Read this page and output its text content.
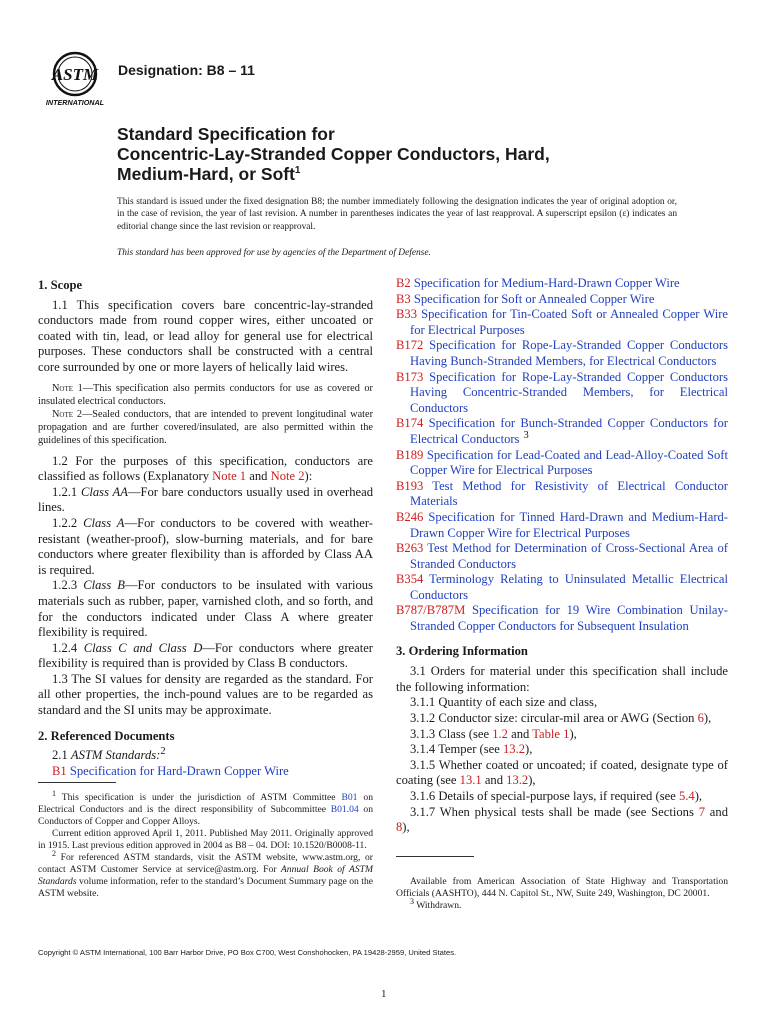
ASTM
INTERNATIONAL
Designation: B8 – 11
Standard Specification for
Concentric-Lay-Stranded Copper Conductors, Hard,
Medium-Hard, or Soft$^1$
This standard is issued under the fixed designation B8; the number immediately following the designation indicates the year of original adoption or, in the case of revision, the year of last revision. A number in parentheses indicates the year of last reapproval. A superscript epsilon (ε) indicates an editorial change since the last revision or reapproval.
This standard has been approved for use by agencies of the Department of Defense.
1. Scope

1.1 This specification covers bare concentric-lay-stranded conductors made from round copper wires, either uncoated or coated with tin, lead, or lead alloy for general use for electrical purposes. These conductors shall be constructed with a central core surrounded by one or more layers of helically laid wires.

Note 1—This specification also permits conductors for use as covered or insulated electrical conductors.

Note 2—Sealed conductors, that are intended to prevent longitudinal water propagation and are further covered/insulated, are also permitted within the guidelines of this specification.

1.2 For the purposes of this specification, conductors are classified as follows (Explanatory Note 1 and Note 2):

1.2.1 Class AA—For bare conductors usually used in overhead lines.

1.2.2 Class A—For conductors to be covered with weather-resistant (weather-proof), slow-burning materials, and for bare conductors where greater flexibility than is afforded by Class AA is required.

1.2.3 Class B—For conductors to be insulated with various materials such as rubber, paper, varnished cloth, and so forth, and for the conductors indicated under Class A where greater flexibility is required.

1.2.4 Class C and Class D—For conductors where greater flexibility is required than is provided by Class B conductors.

1.3 The SI values for density are regarded as the standard. For all other properties, the inch-pound values are to be regarded as standard and the SI units may be approximate.

2. Referenced Documents

2.1 ASTM Standards:$^2$

B1 Specification for Hard-Drawn Copper Wire

$^1$ This specification is under the jurisdiction of ASTM Committee B01 on Electrical Conductors and is the direct responsibility of Subcommittee B01.04 on Conductors of Copper and Copper Alloys.

Current edition approved April 1, 2011. Published May 2011. Originally approved in 1915. Last previous edition approved in 2004 as B8 – 04. DOI: 10.1520/B0008-11.

$^2$ For referenced ASTM standards, visit the ASTM website, www.astm.org, or contact ASTM Customer Service at service@astm.org. For Annual Book of ASTM Standards volume information, refer to the standard’s Document Summary page on the ASTM website.

B2 Specification for Medium-Hard-Drawn Copper Wire

B3 Specification for Soft or Annealed Copper Wire

B33 Specification for Tin-Coated Soft or Annealed Copper Wire for Electrical Purposes

B172 Specification for Rope-Lay-Stranded Copper Conductors Having Bunch-Stranded Members, for Electrical Conductors

B173 Specification for Rope-Lay-Stranded Copper Conductors Having Concentric-Stranded Members, for Electrical Conductors

B174 Specification for Bunch-Stranded Copper Conductors for Electrical Conductors $^3$

B189 Specification for Lead-Coated and Lead-Alloy-Coated Soft Copper Wire for Electrical Purposes

B193 Test Method for Resistivity of Electrical Conductor Materials

B246 Specification for Tinned Hard-Drawn and Medium-Hard-Drawn Copper Wire for Electrical Purposes

B263 Test Method for Determination of Cross-Sectional Area of Stranded Conductors

B354 Terminology Relating to Uninsulated Metallic Electrical Conductors

B787/B787M Specification for 19 Wire Combination Unilay-Stranded Copper Conductors for Subsequent Insulation

3. Ordering Information

3.1 Orders for material under this specification shall include the following information:

3.1.1 Quantity of each size and class,

3.1.2 Conductor size: circular-mil area or AWG (Section 6),

3.1.3 Class (see 1.2 and Table 1),

3.1.4 Temper (see 13.2),

3.1.5 Whether coated or uncoated; if coated, designate type of coating (see 13.1 and 13.2),

3.1.6 Details of special-purpose lays, if required (see 5.4),

3.1.7 When physical tests shall be made (see Sections 7 and 8),

Available from American Association of State Highway and Transportation Officials (AASHTO), 444 N. Capitol St., NW, Suite 249, Washington, DC 20001.

$^3$ Withdrawn.

Copyright © ASTM International, 100 Barr Harbor Drive, PO Box C700, West Conshohocken, PA 19428-2959, United States.
1
